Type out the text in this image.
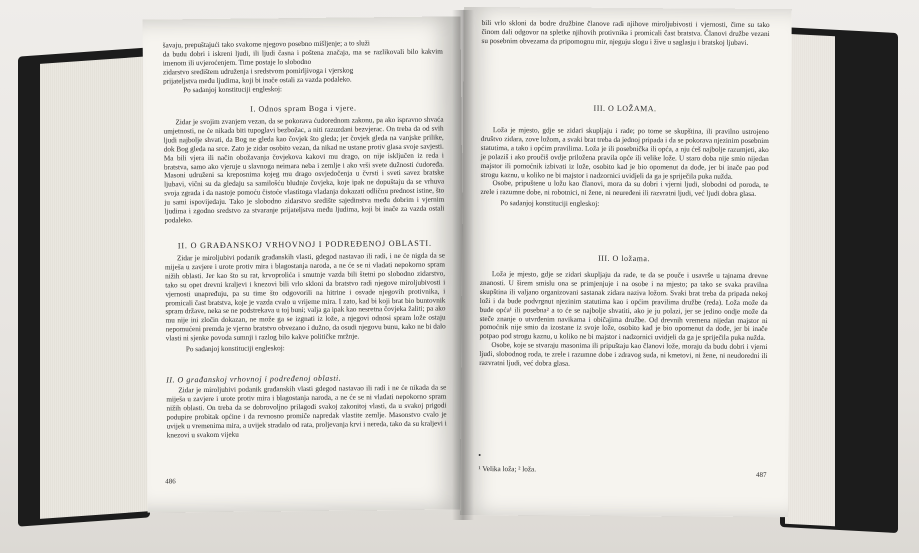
šavaju, prepuštajući tako svakome njegovo posebno mišljenje; a to služi

da budu dobri i iskreni ljudi, ili ljudi časna i poštena značaja, ma se razlikovali bilo kakvim imenom ili uvjeroćenjem. Time postaje lo slobodno

zidarstvo središtem udruženja i sredstvom pomirljivoga i vjerskog

prijateljstva među ljudima, koji bi inače ostali za vazda podaleko.

Po sadanjoj konstituciji engleskoj:

I. Odnos spram Boga i vjere.

Zidar je svojim zvanjem vezan, da se pokorava ćudorednom zakonu, pa ako ispravno shvaća umjetnosti, ne će nikada biti tupoglavi bezbožac, a niti razuzdani bezvjerac. On treba da od svih ljudi najbolje shvati, da Bog ne gleda kao čovjek što gleda; jer čovjek gleda na vanjske prilike, dok Bog gleda na srce. Zato je zidar osobito vezan, da nikad ne ustane protiv glasa svoje savjesti. Ma bili vjera ili način obožavanja čovjekova kakovi mu drago, on nije isključen iz reda i bratstva, samo ako vjeruje u slavnoga neimara neba i zemlje i ako vrši svete dužnosti ćudoređa. Masoni udruženi sa kreposnima kojeg mu drago osvjedočenja u čvrsti i sveti savez bratske ljubavi, vični su da gledaju sa samilošću bludnje čovjeka, koje ipak ne dopuštaju da se vrhuva svoja zgrada i da nastoje pomoću čistoće vlastitoga vladanja dokazati odličnu prednost istine, što ju sami ispovijedaju. Tako je slobodno zidarstvo središte sajedinstva među dobrim i vjernim ljudima i zgodno sredstvo za stvaranje prijateljstva među ljudima, koji bi inače za vazda ostali podaleko.

II. O GRAĐANSKOJ VRHOVNOJ I PODREĐENOJ OBLASTI.

Zidar je miroljubivi podanik građanskih vlasti, gdegod nastavao ili radi, i ne će nigda da se miješa u zavjere i urote protiv mira i blagostanja naroda, a ne će se ni vladati nepokorno spram nižih oblasti. Jer kao što su rat, krvoprolića i smutnje vazda bili štetni po slobodno zidarstvo, tako su opet drevni kraljevi i knezovi bili vrlo skloni da bratstvo radi njegove miroljubivosti i vjernosti unapređuju, pa su time što odgovorili na hitrine i osvade njegovih protivnika, i promicali čast bratstva, koje je vazda cvalo u vrijeme mira. I zato, kad bi koji brat bio buntovnik spram države, neka se ne podstrekava u toj buni; valja ga ipak kao nesretna čovjeka žaliti; pa ako mu nije ini zločin dokazan, ne može ga se izgnati iz lože, a njegovi odnosi spram lože ostaju nepomućeni premda je vjerno bratstvo obvezano i dužno, da osudi njegovu bunu, kako ne bi dalo vlasti ni sjenke povoda sumnji i razlog bilo kakve političke mržnje.

Po sadanjoj konstituciji engleskoj:

II. O građanskoj vrhovnoj i podređenoj oblasti.

Zidar je miroljubivi podanik građanskih vlasti gdegod nastavao ili radi i ne će nikada da se miješa u zavjere i urote protiv mira i blagostanja naroda, a ne će se ni vladati nepokorno spram nižih oblasti. On treba da se dobrovoljno prilagodi svakoj zakonitoj vlasti, da u svakoj prigodi podupire probitak općine i da revnosno promiče napredak vlastite zemlje. Masonstvo cvalo je uvijek u vremenima mira, a uvijek stradalo od rata, proljevanja krvi i nereda, tako da su kraljevi i knezovi u svakom vijeku

486

bili vrlo skloni da bodre družbine članove radi njihove miroljubivosti i vjernosti, čime su tako činom dali odgovor na spletke njihovih protivnika i promicali čast bratstva. Članovi družbe vezani su posebnim obvezama da pripomognu mir, njeguju slogu i žive u saglasju i bratskoj ljubavi.

III. O LOŽAMA.

Loža je mjesto, gdje se zidari skupljaju i rade; po tome se skupština, ili pravilno ustrojeno društvo zidara, zove ložom, a svaki brat treba da jednoj pripada i da se pokorava njezinim posebnim statutima, a tako i općim pravilima. Loža je ili posebnička ili opća, a nju ćeš najbolje razumjeti, ako je polaziš i ako proučiš ovdje priložena pravila opće ili velike lože. U staro doba nije smio nijedan majstor ili pomoćnik izbivati iz lože, osobito kad je bio opomenut da dođe, jer bi inače pao pod strogu kaznu, u koliko ne bi majstor i nadzornici uvidjeli da ga je spriječila puka nužda.

Osobe, pripuštene u ložu kao članovi, mora da su dobri i vjerni ljudi, slobodni od poroda, te zrele i razumne dobe, ni robotnici, ni žene, ni neuređeni ili razvratni ljudi, već ljudi dobra glasa.

Po sadanjoj konstituciji engleskoj:

III. O ložama.

Loža je mjesto, gdje se zidari skupljaju da rade, te da se pouče i usavrše u tajnama drevne znanosti. U širem smislu ona se primjenjuje i na osobe i na mjesto; pa tako se svaka pravilna skupština ili valjano organizovani sastanak zidara naziva ložom. Svaki brat treba da pripada nekoj loži i da bude podvrgnut njezinim statutima kao i općim pravilima družbe (reda). Loža može da bude opća¹ ili posebna² a to će se najbolje shvatiti, ako je ju polazi, jer se jedino ondje može da steče znanje o utvrđenim navikama i običajima družbe. Od drevnih vremena nijedan majstor ni pomoćnik nije smio da izostane iz svoje lože, osobito kad je bio opomenut da dođe, jer bi inače potpao pod strogu kaznu, u koliko ne bi majstor i nadzornici uvidjeli da ga je spriječila puka nužda.

Osobe, koje se stvaraju masonima ili pripuštaju kao članovi lože, moraju da budu dobri i vjerni ljudi, slobodnog roda, te zrele i razumne dobe i zdravog suda, ni kmetovi, ni žene, ni neudoredni ili razvratni ljudi, već dobra glasa.

¹ Velika loža; ² loža.

487
